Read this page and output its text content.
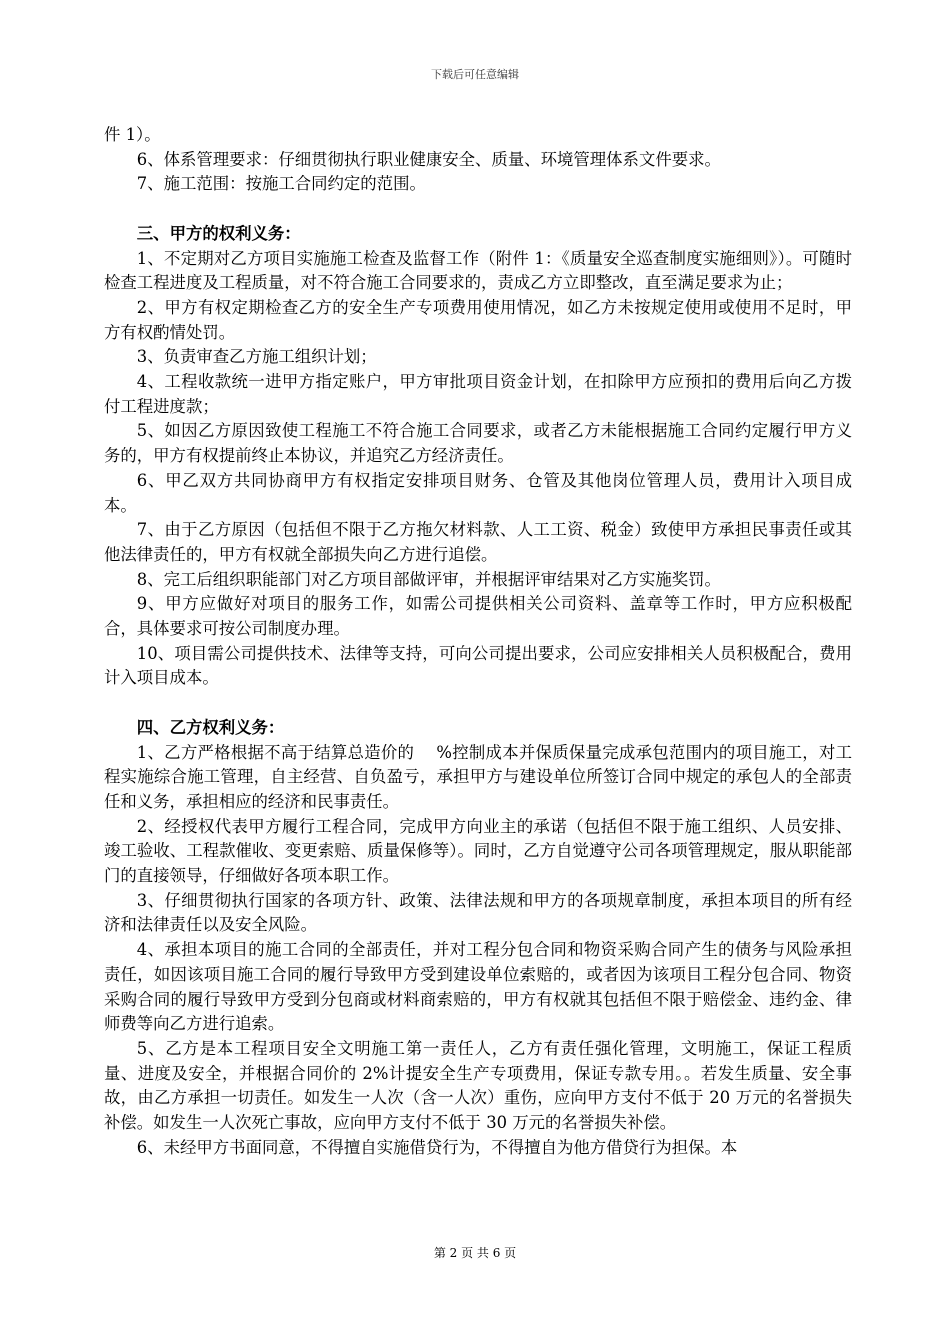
下载后可任意编辑

件 1）。

6、体系管理要求：仔细贯彻执行职业健康安全、质量、环境管理体系文件要求。

7、施工范围：按施工合同约定的范围。

三、甲方的权利义务：

1、不定期对乙方项目实施施工检查及监督工作（附件 1：《质量安全巡查制度实施细则》）。可随时检查工程进度及工程质量，对不符合施工合同要求的，责成乙方立即整改，直至满足要求为止；

2、甲方有权定期检查乙方的安全生产专项费用使用情况，如乙方未按规定使用或使用不足时，甲方有权酌情处罚。

3、负责审查乙方施工组织计划；

4、工程收款统一进甲方指定账户，甲方审批项目资金计划，在扣除甲方应预扣的费用后向乙方拨付工程进度款；

5、如因乙方原因致使工程施工不符合施工合同要求，或者乙方未能根据施工合同约定履行甲方义务的，甲方有权提前终止本协议，并追究乙方经济责任。

6、甲乙双方共同协商甲方有权指定安排项目财务、仓管及其他岗位管理人员，费用计入项目成本。

7、由于乙方原因（包括但不限于乙方拖欠材料款、人工工资、税金）致使甲方承担民事责任或其他法律责任的，甲方有权就全部损失向乙方进行追偿。

8、完工后组织职能部门对乙方项目部做评审，并根据评审结果对乙方实施奖罚。

9、甲方应做好对项目的服务工作，如需公司提供相关公司资料、盖章等工作时，甲方应积极配合，具体要求可按公司制度办理。

10、项目需公司提供技术、法律等支持，可向公司提出要求，公司应安排相关人员积极配合，费用计入项目成本。

四、乙方权利义务：

1、乙方严格根据不高于结算总造价的 　%控制成本并保质保量完成承包范围内的项目施工，对工程实施综合施工管理，自主经营、自负盈亏，承担甲方与建设单位所签订合同中规定的承包人的全部责任和义务，承担相应的经济和民事责任。

2、经授权代表甲方履行工程合同，完成甲方向业主的承诺（包括但不限于施工组织、人员安排、竣工验收、工程款催收、变更索赔、质量保修等）。同时，乙方自觉遵守公司各项管理规定，服从职能部门的直接领导，仔细做好各项本职工作。

3、仔细贯彻执行国家的各项方针、政策、法律法规和甲方的各项规章制度，承担本项目的所有经济和法律责任以及安全风险。

4、承担本项目的施工合同的全部责任，并对工程分包合同和物资采购合同产生的债务与风险承担责任，如因该项目施工合同的履行导致甲方受到建设单位索赔的，或者因为该项目工程分包合同、物资采购合同的履行导致甲方受到分包商或材料商索赔的，甲方有权就其包括但不限于赔偿金、违约金、律师费等向乙方进行追索。

5、乙方是本工程项目安全文明施工第一责任人，乙方有责任强化管理，文明施工，保证工程质量、进度及安全，并根据合同价的 2%计提安全生产专项费用，保证专款专用。。若发生质量、安全事故，由乙方承担一切责任。如发生一人次（含一人次）重伤，应向甲方支付不低于 20 万元的名誉损失补偿。如发生一人次死亡事故，应向甲方支付不低于 30 万元的名誉损失补偿。

6、未经甲方书面同意，不得擅自实施借贷行为，不得擅自为他方借贷行为担保。本

第 2 页 共 6 页
